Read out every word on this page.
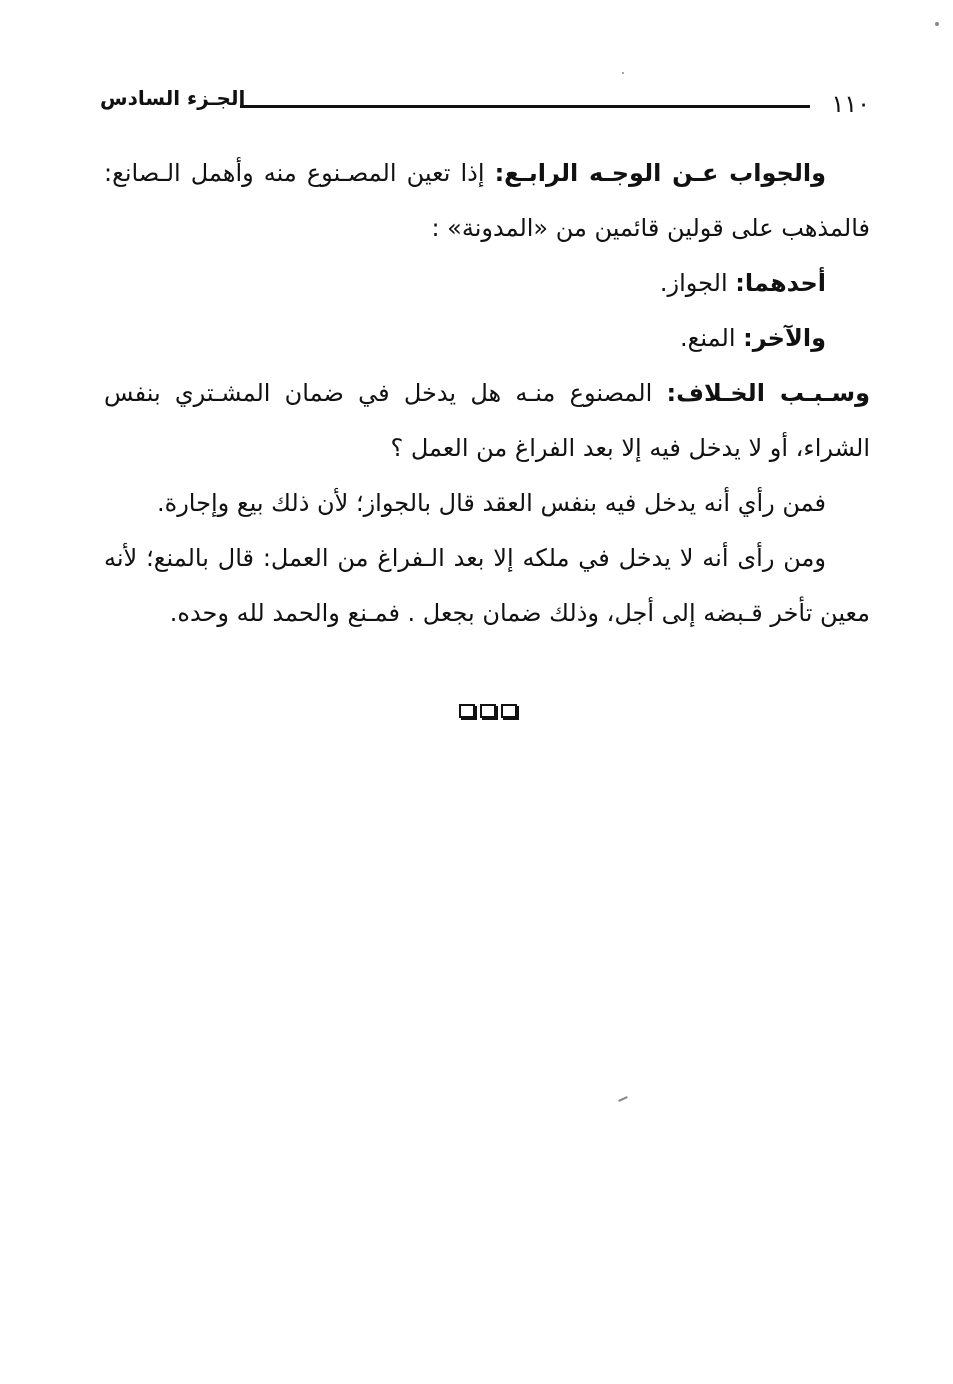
١١٠
الجـزء السادس

والجواب عـن الوجـه الرابـع: إذا تعين المصـنوع منه وأهمل الـصانع: فالمذهب على قولين قائمين من «المدونة» :

أحدهما: الجواز.

والآخر: المنع.

وسـبـب الخـلاف: المصنوع منـه هل يدخل في ضمان المشـتري بنفس الشراء، أو لا يدخل فيه إلا بعد الفراغ من العمل ؟

فمن رأي أنه يدخل فيه بنفس العقد قال بالجواز؛ لأن ذلك بيع وإجارة.

ومن رأى أنه لا يدخل في ملكه إلا بعد الـفراغ من العمل: قال بالمنع؛ لأنه معين تأخر قـبضه إلى أجل، وذلك ضمان بجعل . فمـنع والحمد لله وحده.
